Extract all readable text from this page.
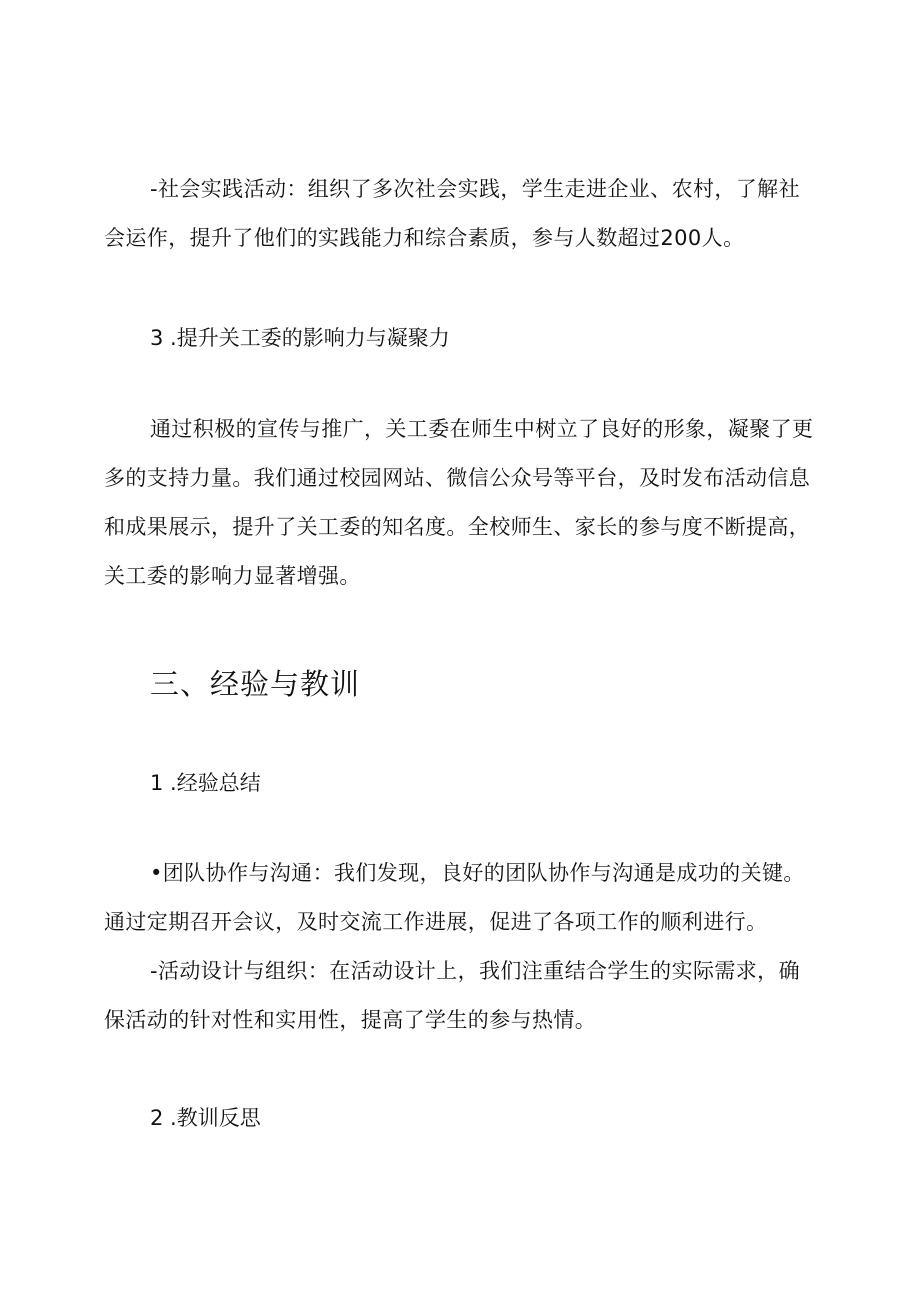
-社会实践活动：组织了多次社会实践，学生走进企业、农村，了解社会运作，提升了他们的实践能力和综合素质，参与人数超过200人。

3 .提升关工委的影响力与凝聚力

通过积极的宣传与推广，关工委在师生中树立了良好的形象，凝聚了更多的支持力量。我们通过校园网站、微信公众号等平台，及时发布活动信息和成果展示，提升了关工委的知名度。全校师生、家长的参与度不断提高，关工委的影响力显著增强。

三、经验与教训

1 .经验总结

•团队协作与沟通：我们发现，良好的团队协作与沟通是成功的关键。通过定期召开会议，及时交流工作进展，促进了各项工作的顺利进行。

-活动设计与组织：在活动设计上，我们注重结合学生的实际需求，确保活动的针对性和实用性，提高了学生的参与热情。

2 .教训反思
